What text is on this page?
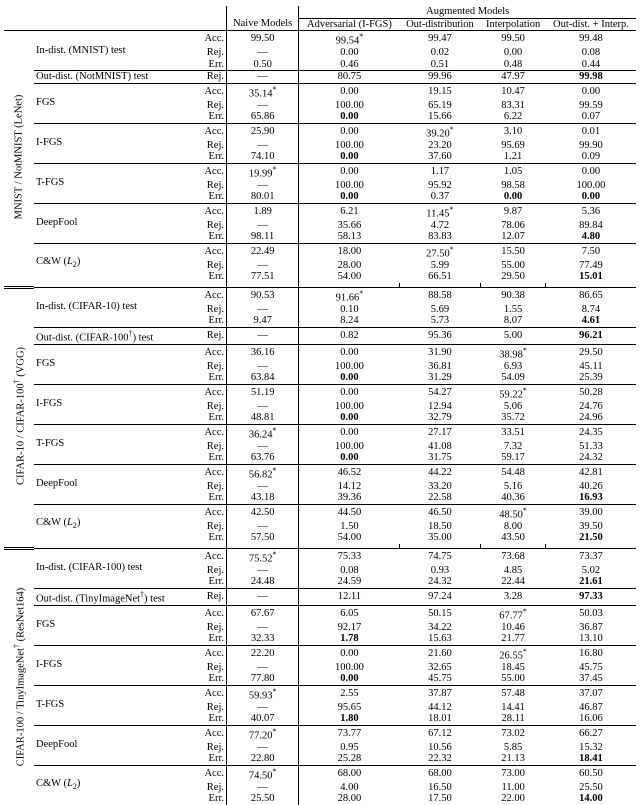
				Augmented Models			
			Naive Models	Adversarial (I-FGS)	Out-distribution	Interpolation	Out-dist. + Interp.

MNIST / NotMNIST (LeNet)	In-dist. (MNIST) test	Acc.	99.50	99.54*	99.47	99.50	99.48
		Rej.	—	0.00	0.02	0.00	0.08
		Err.	0.50	0.46	0.51	0.48	0.44
	Out-dist. (NotMNIST) test	Rej.	—	80.75	99.96	47.97	99.98
	FGS	Acc.	35.14*	0.00	19.15	10.47	0.00
		Rej.	—	100.00	65.19	83.31	99.59
		Err.	65.86	0.00	15.66	6.22	0.07
	I-FGS	Acc.	25.90	0.00	39.20*	3.10	0.01
		Rej.	—	100.00	23.20	95.69	99.90
		Err.	74.10	0.00	37.60	1.21	0.09
	T-FGS	Acc.	19.99*	0.00	1.17	1.05	0.00
		Rej.	—	100.00	95.92	98.58	100.00
		Err.	80.01	0.00	0.37	0.00	0.00
	DeepFool	Acc.	1.89	6.21	11.45*	9.87	5.36
		Rej.	—	35.66	4.72	78.06	89.84
		Err.	98.11	58.13	83.83	12.07	4.80
	C&W $(L_2)$	Acc.	22.49	18.00	27.50*	15.50	7.50
		Rej.	—	28.00	5.99	55.00	77.49
		Err.	77.51	54.00	66.51	29.50	15.01

CIFAR-10 / CIFAR-100† (VGG)	In-dist. (CIFAR-10) test	Acc.	90.53	91.66*	88.58	90.38	86.65
		Rej.	—	0.10	5.69	1.55	8.74
		Err.	9.47	8.24	5.73	8.07	4.61
	Out-dist. (CIFAR-100†) test	Rej.	—	0.82	95.36	5.00	96.21
	FGS	Acc.	36.16	0.00	31.90	38.98*	29.50
		Rej.	—	100.00	36.81	6.93	45.11
		Err.	63.84	0.00	31.29	54.09	25.39
	I-FGS	Acc.	51.19	0.00	54.27	59.22*	50.28
		Rej.	—	100.00	12.94	5.06	24.76
		Err.	48.81	0.00	32.79	35.72	24.96
	T-FGS	Acc.	36.24*	0.00	27.17	33.51	24.35
		Rej.	—	100.00	41.08	7.32	51.33
		Err.	63.76	0.00	31.75	59.17	24.32
	DeepFool	Acc.	56.82*	46.52	44.22	54.48	42.81
		Rej.	—	14.12	33.20	5.16	40.26
		Err.	43.18	39.36	22.58	40.36	16.93
	C&W $(L_2)$	Acc.	42.50	44.50	46.50	48.50*	39.00
		Rej.	—	1.50	18.50	8.00	39.50
		Err.	57.50	54.00	35.00	43.50	21.50

CIFAR-100 / TinyImageNet† (ResNet164)	In-dist. (CIFAR-100) test	Acc.	75.52*	75.33	74.75	73.68	73.37
		Rej.	—	0.08	0.93	4.85	5.02
		Err.	24.48	24.59	24.32	22.44	21.61
	Out-dist. (TinyImageNet†) test	Rej.	—	12.11	97.24	3.28	97.33
	FGS	Acc.	67.67	6.05	50.15	67.77*	50.03
		Rej.	—	92.17	34.22	10.46	36.87
		Err.	32.33	1.78	15.63	21.77	13.10
	I-FGS	Acc.	22.20	0.00	21.60	26.55*	16.80
		Rej.	—	100.00	32.65	18.45	45.75
		Err.	77.80	0.00	45.75	55.00	37.45
	T-FGS	Acc.	59.93*	2.55	37.87	57.48	37.07
		Rej.	—	95.65	44.12	14.41	46.87
		Err.	40.07	1.80	18.01	28.11	16.06
	DeepFool	Acc.	77.20*	73.77	67.12	73.02	66.27
		Rej.	—	0.95	10.56	5.85	15.32
		Err.	22.80	25.28	22.32	21.13	18.41
	C&W $(L_2)$	Acc.	74.50*	68.00	68.00	73.00	60.50
		Rej.	—	4.00	16.50	11.00	25.50
		Err.	25.50	28.00	17.50	22.00	14.00
